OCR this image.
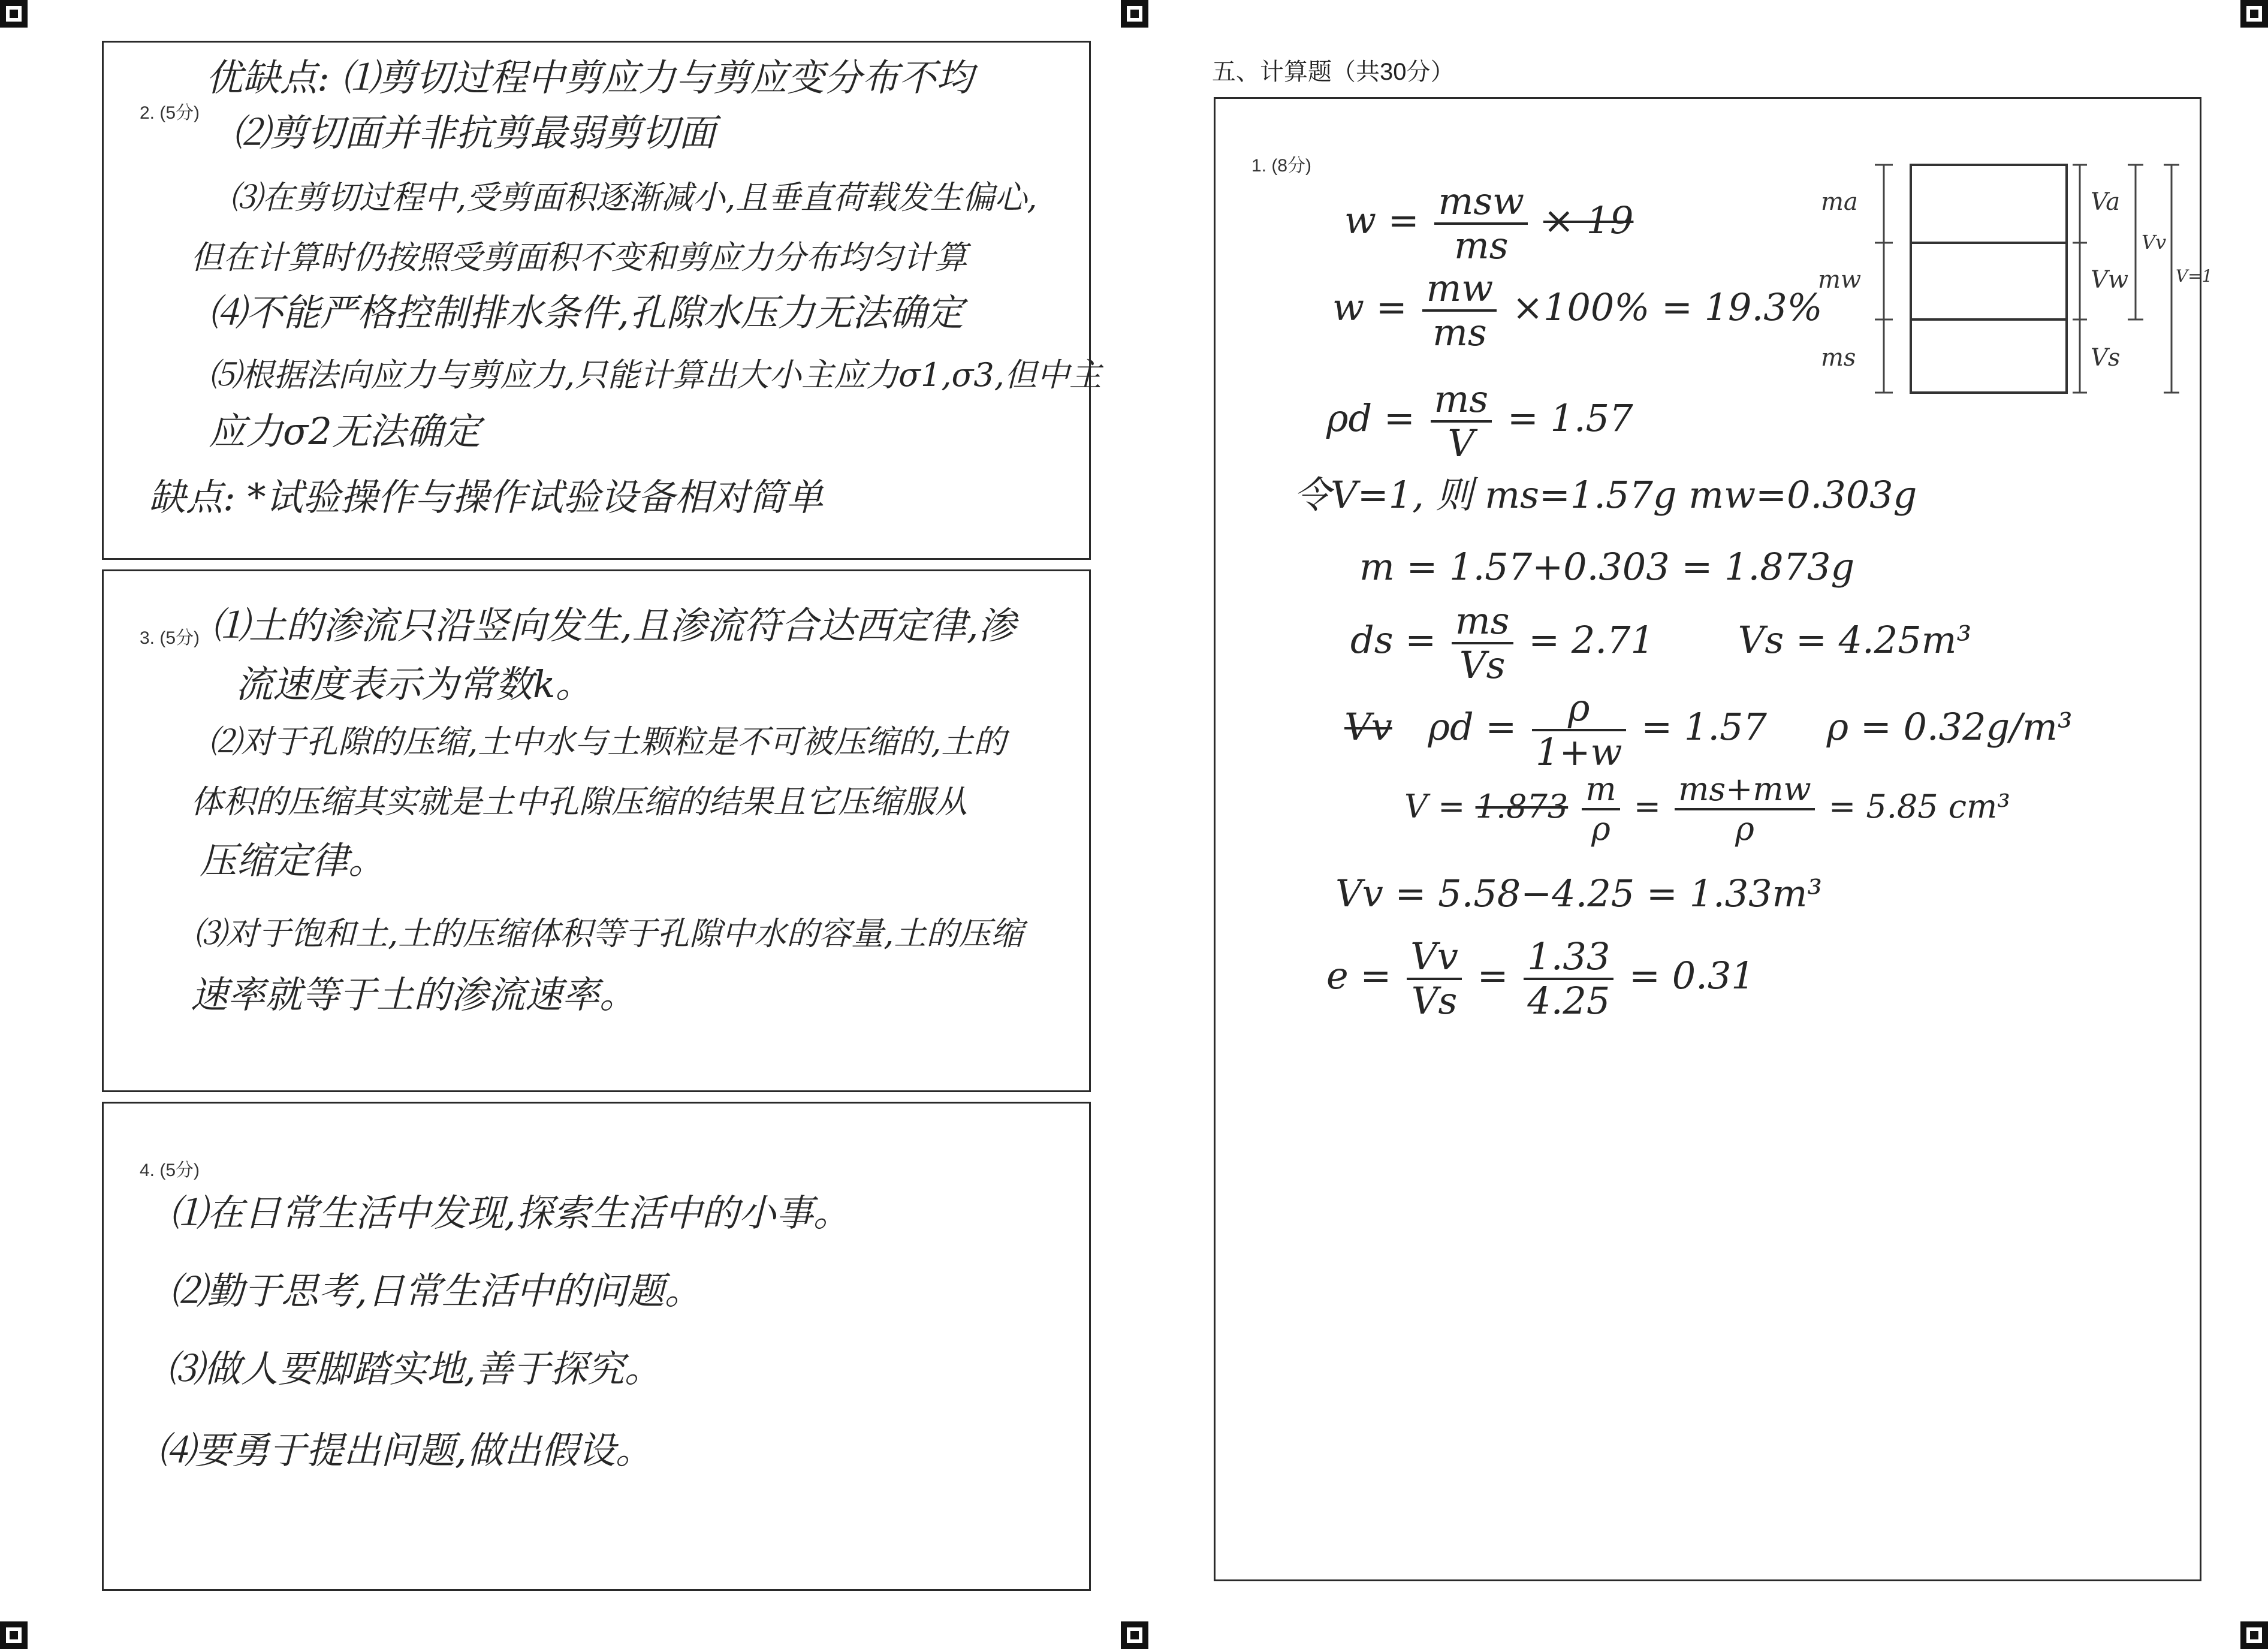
2. (5分)
优缺点: ⑴剪切过程中剪应力与剪应变分布不均
⑵剪切面并非抗剪最弱剪切面
⑶在剪切过程中,受剪面积逐渐减小,且垂直荷载发生偏心,
但在计算时仍按照受剪面积不变和剪应力分布均匀计算
⑷不能严格控制排水条件,孔隙水压力无法确定
⑸根据法向应力与剪应力,只能计算出大小主应力σ1,σ3,但中主
应力σ2无法确定
缺点: *试验操作与操作试验设备相对简单
3. (5分) ⑴土的渗流只沿竖向发生,且渗流符合达西定律,渗
流速度表示为常数k。
⑵对于孔隙的压缩,土中水与土颗粒是不可被压缩的,土的
体积的压缩其实就是土中孔隙压缩的结果且它压缩服从
压缩定律。
⑶对于饱和土,土的压缩体积等于孔隙中水的容量,土的压缩
速率就等于土的渗流速率。
4. (5分)
⑴在日常生活中发现,探索生活中的小事。
⑵勤于思考,日常生活中的问题。
⑶做人要脚踏实地,善于探究。
⑷要勇于提出问题,做出假设。
五、计算题（共30分）
1. (8分)
$w = \frac{\text{msw}}{ms} \times 19$
$w = \frac{mw}{ms} \times 100\% = 19.3\%$
$\rho d = \frac{ms}{V} = 1.57$
令V=1, 则 ms=1.57g mw=0.303g
m = 1.57+0.303 = 1.873g
ds = $\frac{ms}{Vs} = 2.71$ Vs = 4.25m³
Vv $\rho d = \frac{\rho}{1+w} = 1.57$ ρ = 0.32g/m³
$V = 1.873 \frac{m}{\rho} = \frac{ms+mw}{\rho} = 5.85$ cm³
Vv = 5.58−4.25 = 1.33m³
$e = \frac{Vv}{Vs} = \frac{1.33}{4.25} = 0.31$
ma
mw
ms
Va
Vw
Vs
Vv
V=1
